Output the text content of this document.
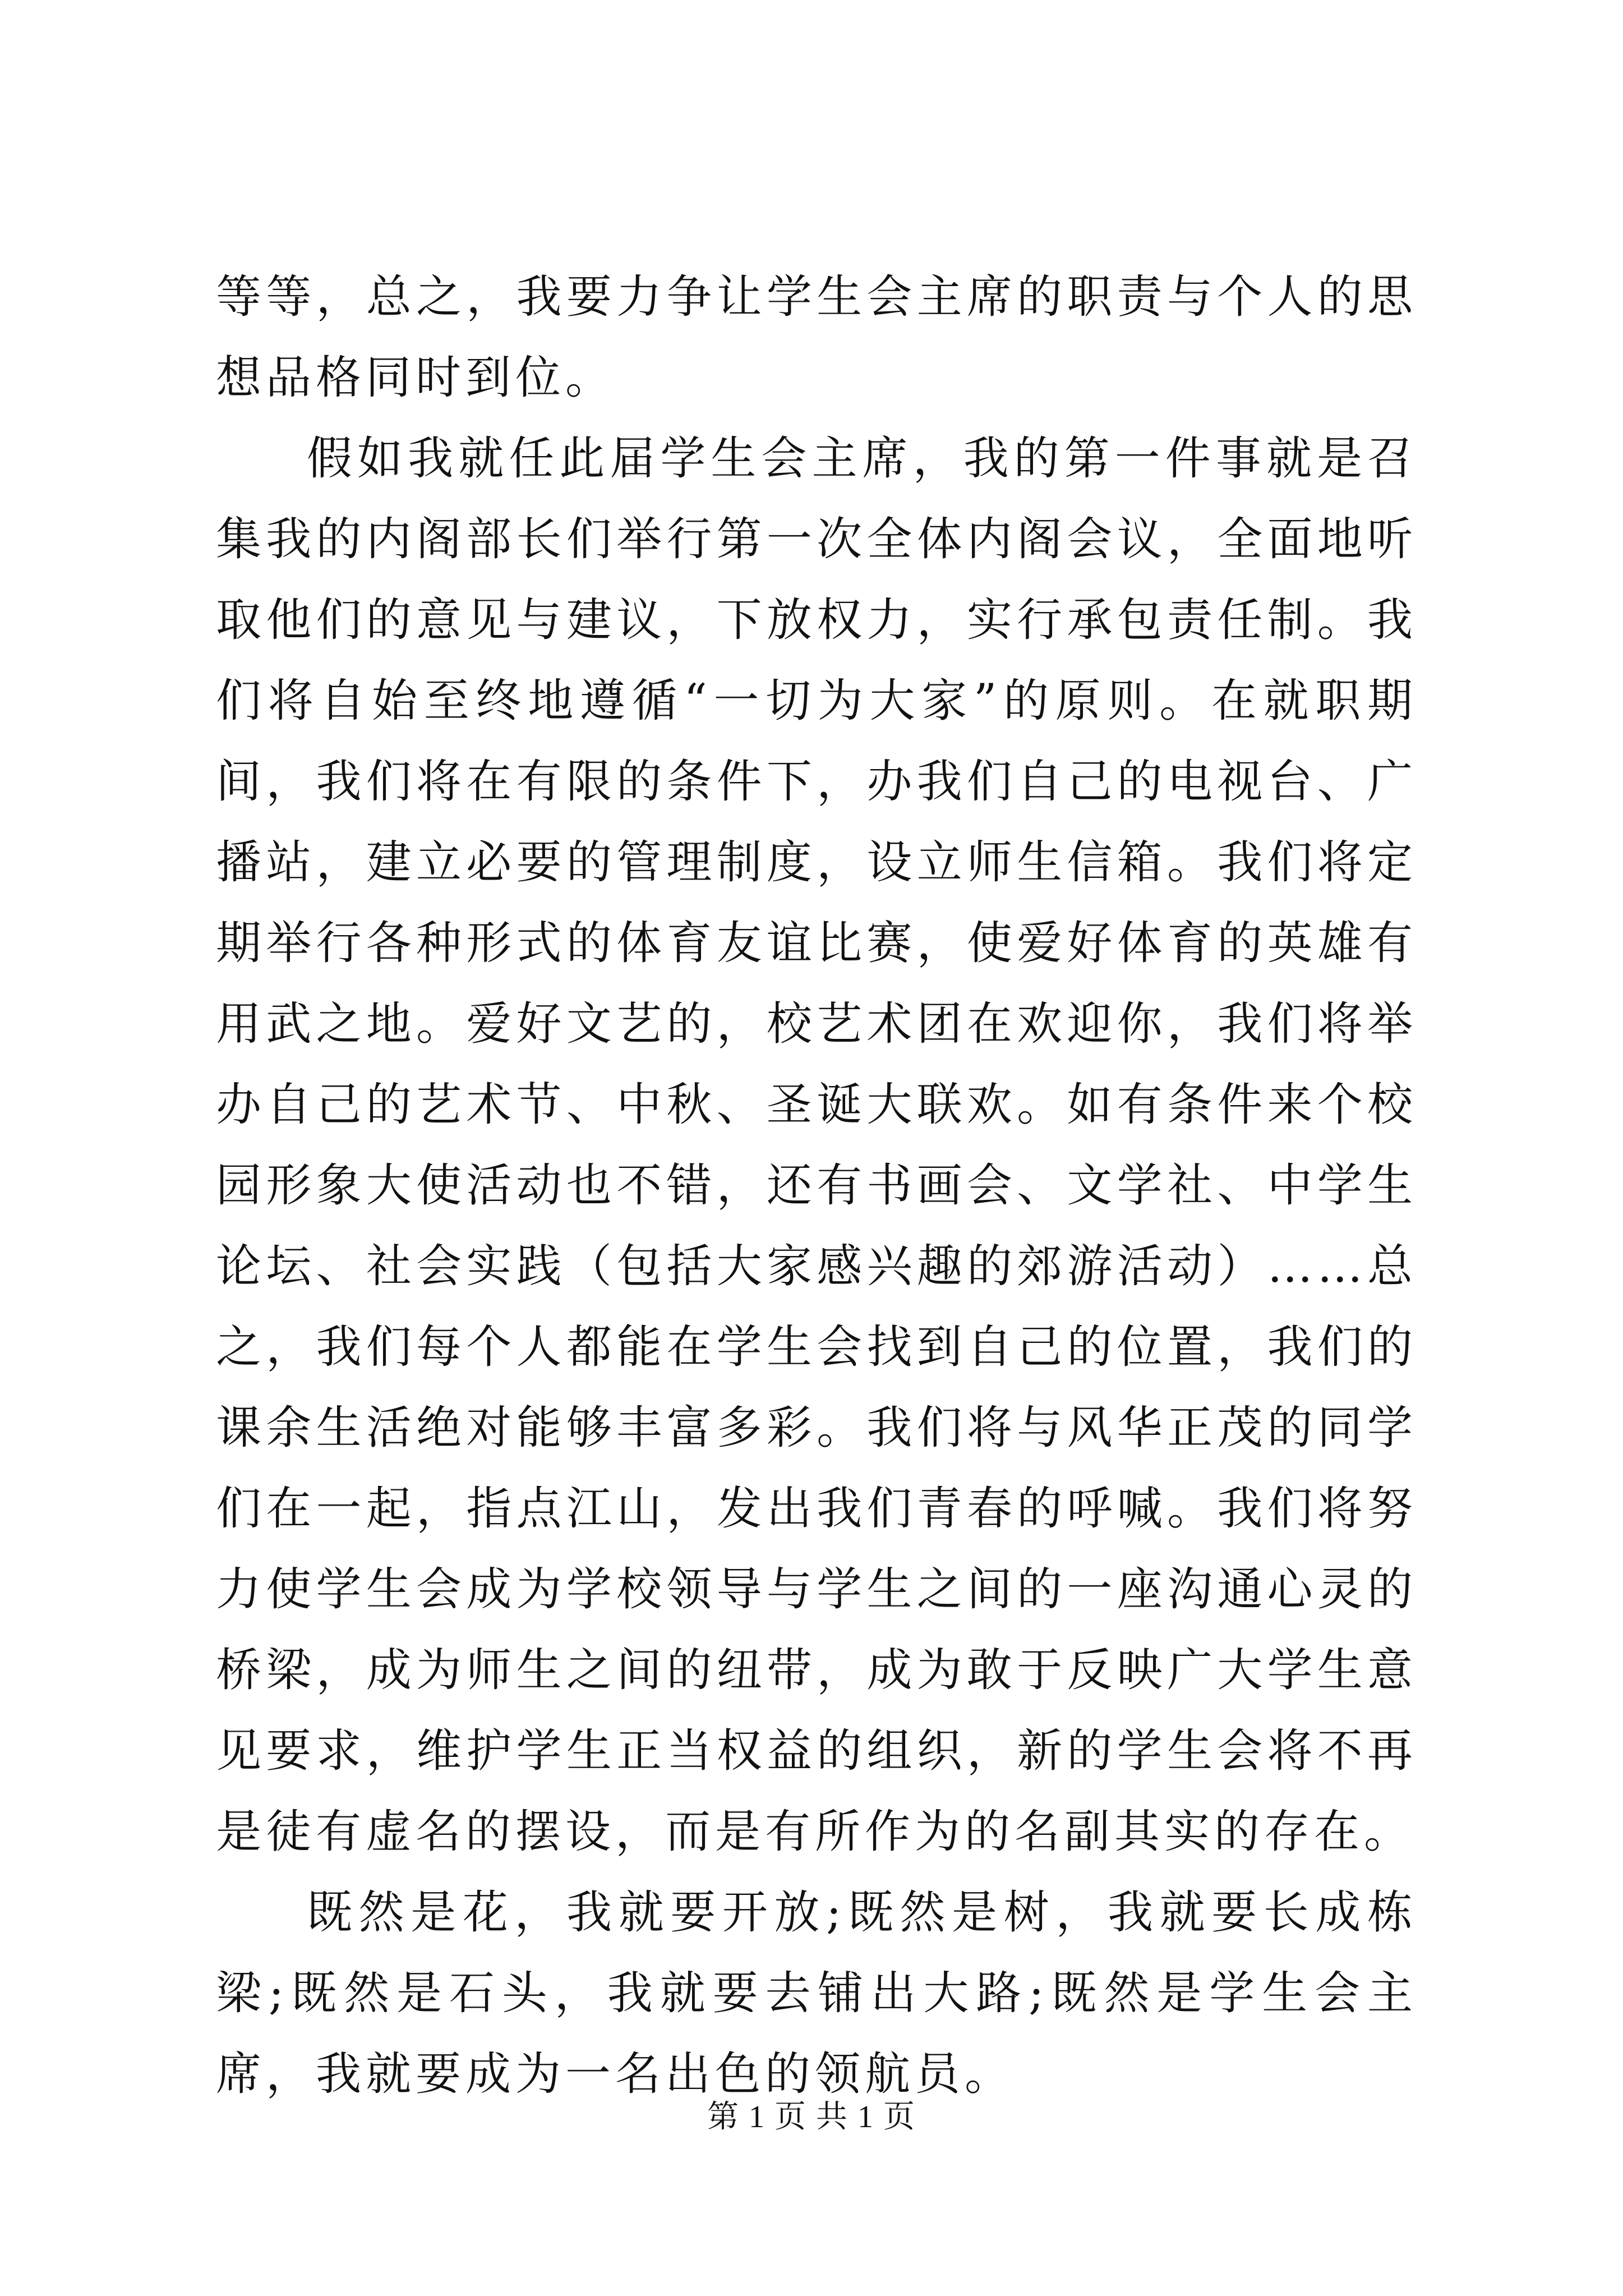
等等，总之，我要力争让学生会主席的职责与个人的思想品格同时到位。

假如我就任此届学生会主席，我的第一件事就是召集我的内阁部长们举行第一次全体内阁会议，全面地听取他们的意见与建议，下放权力，实行承包责任制。我们将自始至终地遵循“一切为大家”的原则。在就职期间，我们将在有限的条件下，办我们自己的电视台、广播站，建立必要的管理制度，设立师生信箱。我们将定期举行各种形式的体育友谊比赛，使爱好体育的英雄有用武之地。爱好文艺的，校艺术团在欢迎你，我们将举办自己的艺术节、中秋、圣诞大联欢。如有条件来个校园形象大使活动也不错，还有书画会、文学社、中学生论坛、社会实践（包括大家感兴趣的郊游活动）……总之，我们每个人都能在学生会找到自己的位置，我们的课余生活绝对能够丰富多彩。我们将与风华正茂的同学们在一起，指点江山，发出我们青春的呼喊。我们将努力使学生会成为学校领导与学生之间的一座沟通心灵的桥梁，成为师生之间的纽带，成为敢于反映广大学生意见要求，维护学生正当权益的组织，新的学生会将不再是徒有虚名的摆设，而是有所作为的名副其实的存在。

既然是花，我就要开放;既然是树，我就要长成栋梁;既然是石头，我就要去铺出大路;既然是学生会主席，我就要成为一名出色的领航员。

第 1 页 共 1 页
